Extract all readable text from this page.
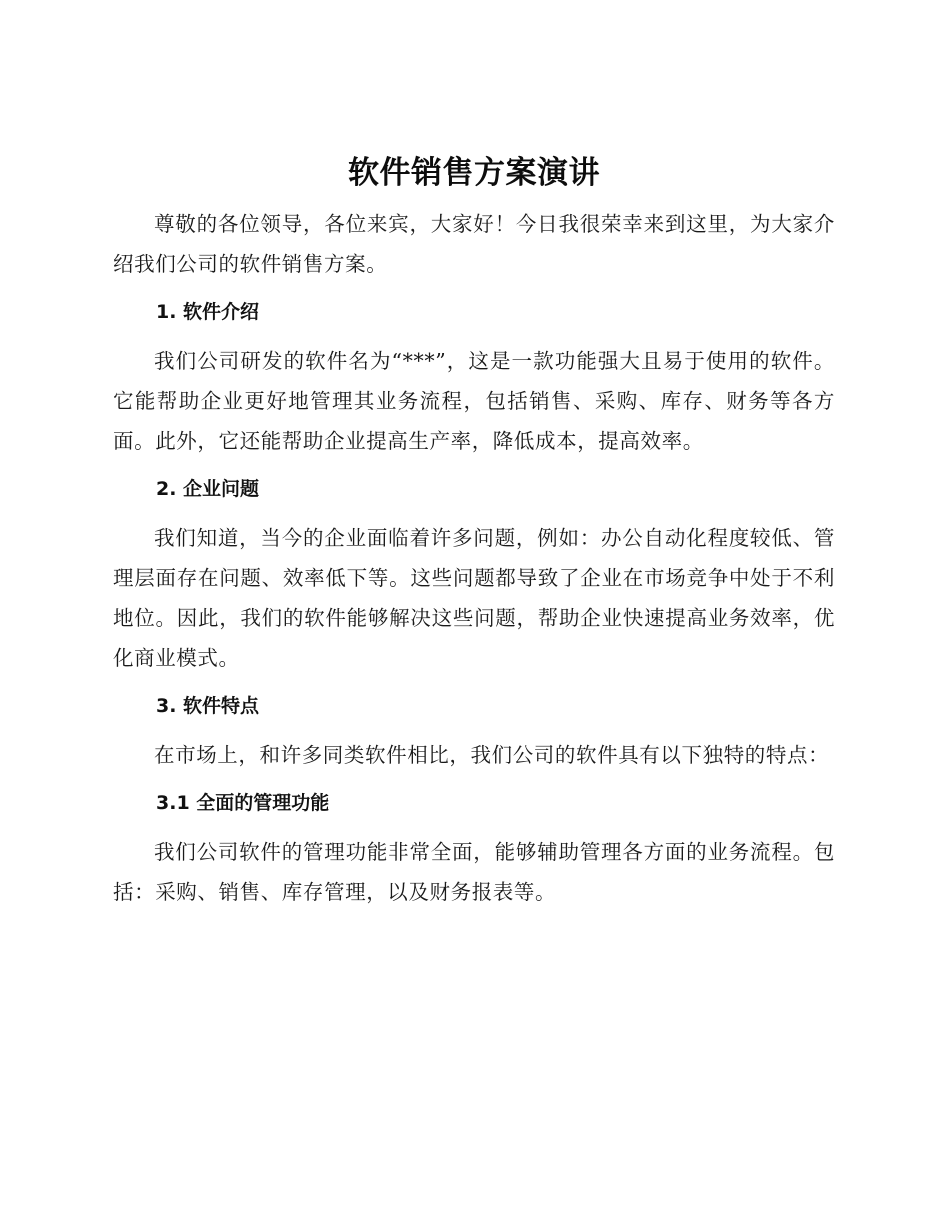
软件销售方案演讲

尊敬的各位领导，各位来宾，大家好！今日我很荣幸来到这里，为大家介绍我们公司的软件销售方案。

1. 软件介绍

我们公司研发的软件名为“***”，这是一款功能强大且易于使用的软件。它能帮助企业更好地管理其业务流程，包括销售、采购、库存、财务等各方面。此外，它还能帮助企业提高生产率，降低成本，提高效率。

2. 企业问题

我们知道，当今的企业面临着许多问题，例如：办公自动化程度较低、管理层面存在问题、效率低下等。这些问题都导致了企业在市场竞争中处于不利地位。因此，我们的软件能够解决这些问题，帮助企业快速提高业务效率，优化商业模式。

3. 软件特点

在市场上，和许多同类软件相比，我们公司的软件具有以下独特的特点：

3.1 全面的管理功能

我们公司软件的管理功能非常全面，能够辅助管理各方面的业务流程。包括：采购、销售、库存管理，以及财务报表等。
